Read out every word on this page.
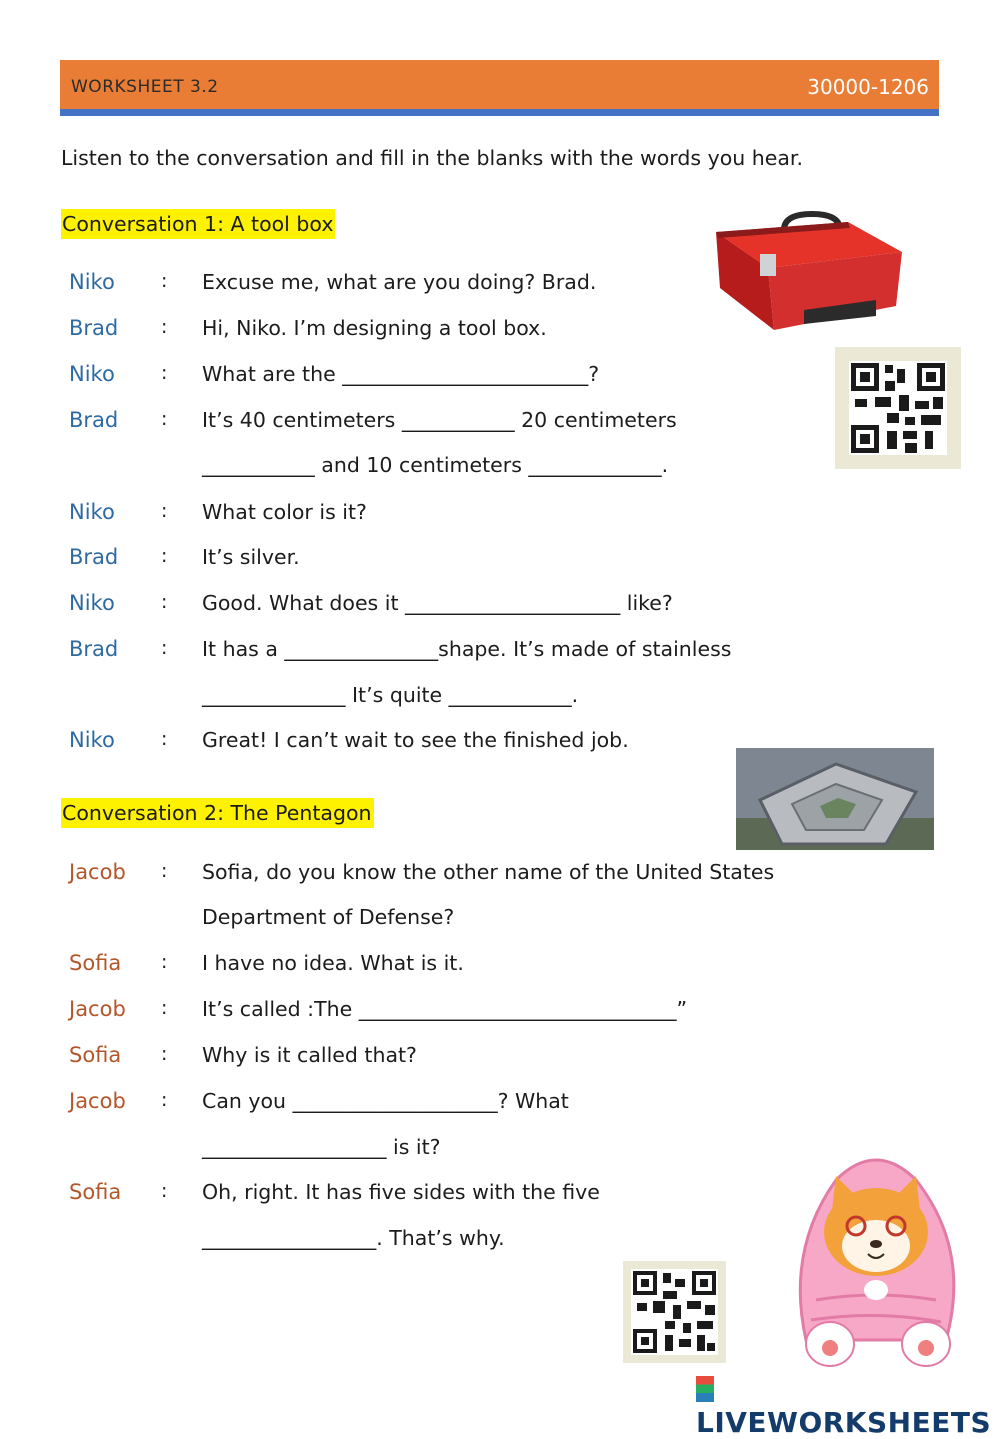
WORKSHEET 3.2	30000-1206
Listen to the conversation and fill in the blanks with the words you hear.
Conversation 1: A tool box
Niko : Excuse me, what are you doing? Brad.
Brad : Hi, Niko. I’m designing a tool box.
Niko : What are the ________________________?
Brad : It’s 40 centimeters ___________ 20 centimeters
___________ and 10 centimeters _____________.
Niko : What color is it?
Brad : It’s silver.
Niko : Good. What does it _____________________ like?
Brad : It has a _______________shape. It’s made of stainless
______________ It’s quite ____________.
Niko : Great! I can’t wait to see the finished job.
Conversation 2: The Pentagon
Jacob : Sofia, do you know the other name of the United States
Department of Defense?
Sofia : I have no idea. What is it.
Jacob : It’s called :The _______________________________”
Sofia : Why is it called that?
Jacob : Can you ____________________? What
__________________ is it?
Sofia : Oh, right. It has five sides with the five
_________________. That’s why.
LIVEWORKSHEETS
